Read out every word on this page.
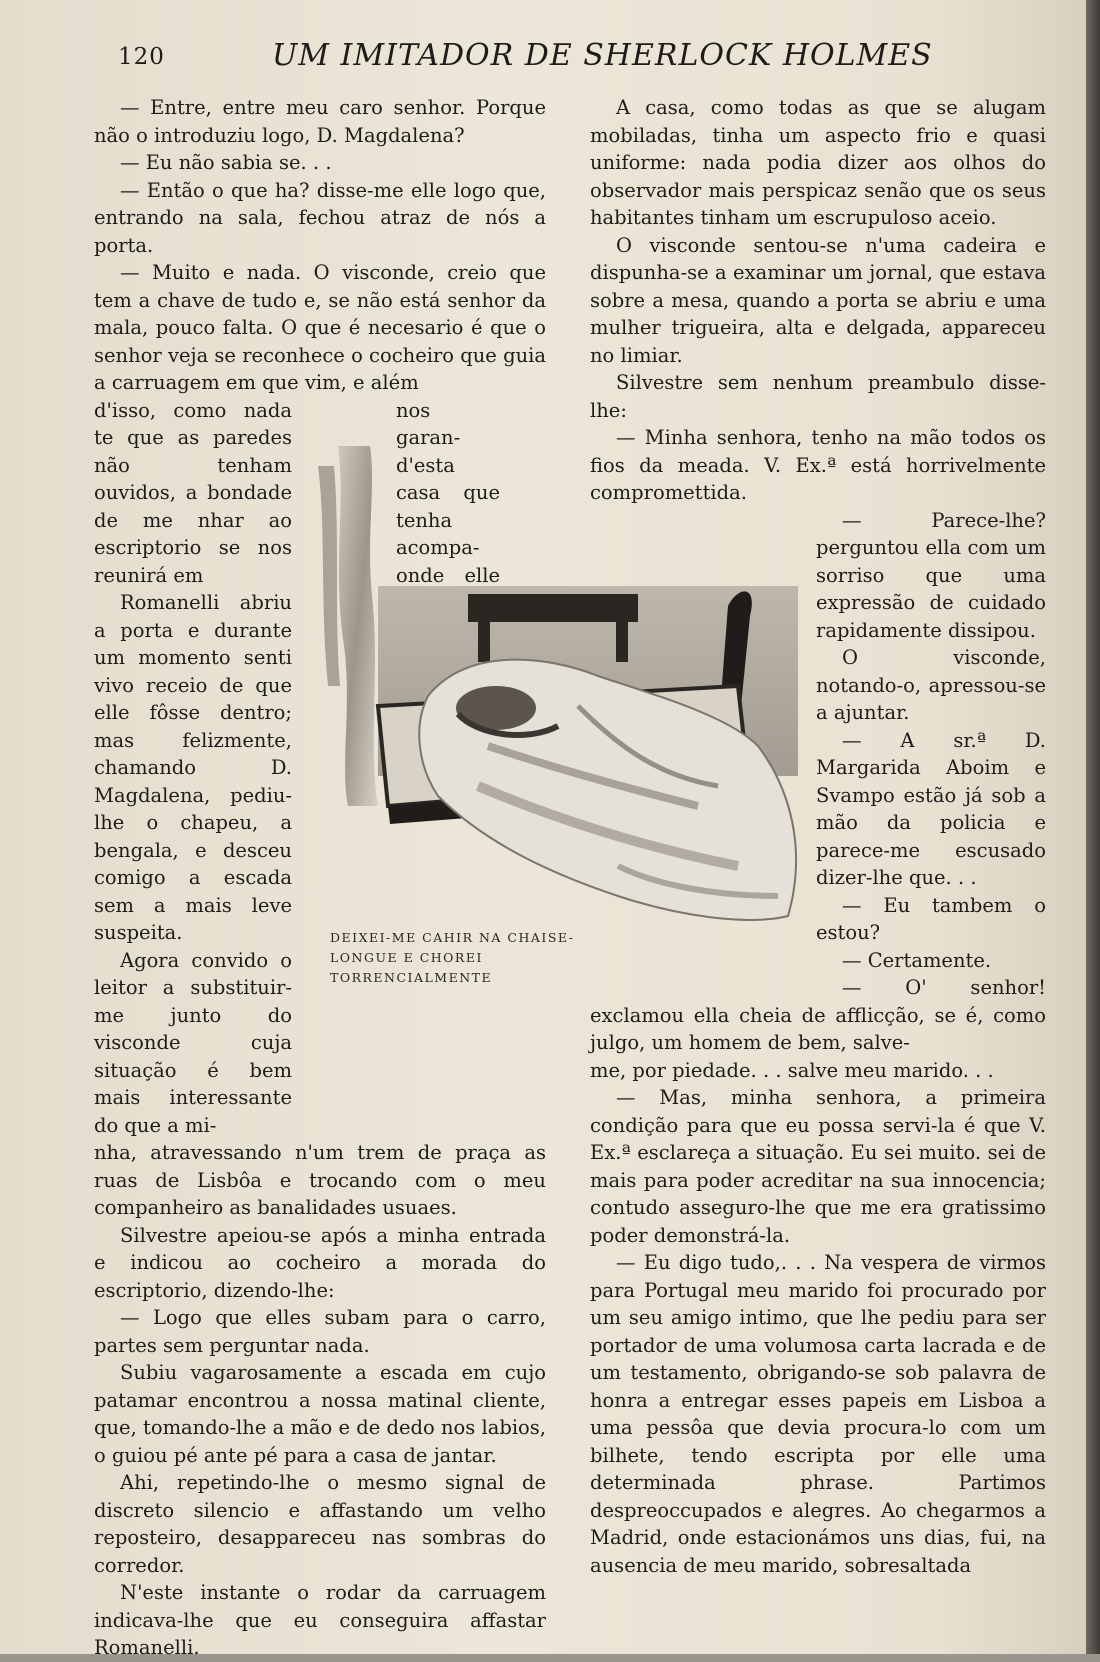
120	UM IMITADOR DE SHERLOCK HOLMES

— Entre, entre meu caro senhor. Porque não o introduziu logo, D. Magdalena?

— Eu não sabia se. . .

— Então o que ha? disse-me elle logo que, entrando na sala, fechou atraz de nós a porta.

— Muito e nada. O visconde, creio que tem a chave de tudo e, se não está senhor da mala, pouco falta. O que é necesario é que o senhor veja se reconhece o cocheiro que guia a carruagem em que vim, e além

d'isso, como nada te que as paredes não tenham ouvidos, a bondade de me nhar ao escriptorio se nos reunirá em

nos garan-d'esta casa que tenha acompa-onde elle

Romanelli abriu a porta e durante um momento senti vivo receio de que elle fôsse dentro; mas felizmente, chamando D. Magdalena, pediu-lhe o chapeu, a bengala, e desceu comigo a escada sem a mais leve suspeita.

Agora convido o leitor a substituir-me junto do visconde cuja situação é bem mais interessante do que a mi-

nha, atravessando n'um trem de praça as ruas de Lisbôa e trocando com o meu companheiro as banalidades usuaes.

Silvestre apeiou-se após a minha entrada e indicou ao cocheiro a morada do escriptorio, dizendo-lhe:

— Logo que elles subam para o carro, partes sem perguntar nada.

Subiu vagarosamente a escada em cujo patamar encontrou a nossa matinal cliente, que, tomando-lhe a mão e de dedo nos labios, o guiou pé ante pé para a casa de jantar.

Ahi, repetindo-lhe o mesmo signal de discreto silencio e affastando um velho reposteiro, desappareceu nas sombras do corredor.

N'este instante o rodar da carruagem indicava-lhe que eu conseguira affastar Romanelli.

A casa, como todas as que se alugam mobiladas, tinha um aspecto frio e quasi uniforme: nada podia dizer aos olhos do observador mais perspicaz senão que os seus habitantes tinham um escrupuloso aceio.

O visconde sentou-se n'uma cadeira e dispunha-se a examinar um jornal, que estava sobre a mesa, quando a porta se abriu e uma mulher trigueira, alta e delgada, appareceu no limiar.

Silvestre sem nenhum preambulo disse-lhe:

— Minha senhora, tenho na mão todos os fios da meada. V. Ex.ª está horrivelmente compromettida.

— Parece-lhe? perguntou ella com um sorriso que uma expressão de cuidado rapidamente dissipou.

O visconde, notando-o, apressou-se a ajuntar.

— A sr.ª D. Margarida Aboim e Svampo estão já sob a mão da policia e parece-me escusado dizer-lhe que. . .

— Eu tambem o estou?

— Certamente.

— O' senhor! exclamou ella cheia de afflicção, se é, como julgo, um homem de bem, salve-

me, por piedade. . . salve meu marido. . .

— Mas, minha senhora, a primeira condição para que eu possa servi-la é que V. Ex.ª esclareça a situação. Eu sei muito. sei de mais para poder acreditar na sua innocencia; contudo asseguro-lhe que me era gratissimo poder demonstrá-la.

— Eu digo tudo,. . . Na vespera de virmos para Portugal meu marido foi procurado por um seu amigo intimo, que lhe pediu para ser portador de uma volumosa carta lacrada e de um testamento, obrigando-se sob palavra de honra a entregar esses papeis em Lisboa a uma pessôa que devia procura-lo com um bilhete, tendo escripta por elle uma determinada phrase. Partimos despreoccupados e alegres. Ao chegarmos a Madrid, onde estacionámos uns dias, fui, na ausencia de meu marido, sobresaltada

DEIXEI-ME CAHIR NA CHAISE-LONGUE E CHOREI TORRENCIALMENTE
